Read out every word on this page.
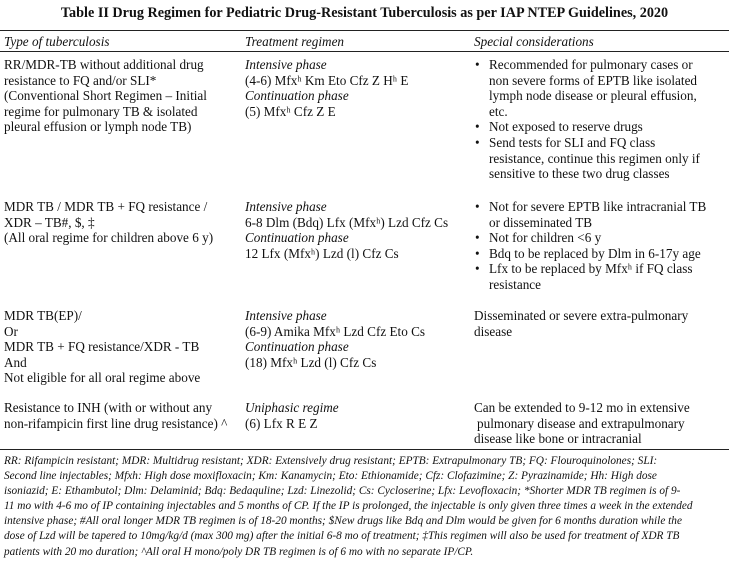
Table II Drug Regimen for Pediatric Drug-Resistant Tuberculosis as per IAP NTEP Guidelines, 2020
Type of tuberculosis	Treatment regimen	Special considerations
RR/MDR-TB without additional drug
resistance to FQ and/or SLI*
(Conventional Short Regimen – Initial
regime for pulmonary TB & isolated
pleural effusion or lymph node TB)
Intensive phase
(4-6) Mfxʰ Km Eto Cfz Z Hʰ E
Continuation phase
(5) Mfxʰ Cfz Z E
• Recommended for pulmonary cases or
non severe forms of EPTB like isolated
lymph node disease or pleural effusion,
etc.
• Not exposed to reserve drugs
• Send tests for SLI and FQ class
resistance, continue this regimen only if
sensitive to these two drug classes
MDR TB / MDR TB + FQ resistance /
XDR – TB#, $, ‡
(All oral regime for children above 6 y)
Intensive phase
6-8 Dlm (Bdq) Lfx (Mfxʰ) Lzd Cfz Cs
Continuation phase
12 Lfx (Mfxʰ) Lzd (l) Cfz Cs
• Not for severe EPTB like intracranial TB
or disseminated TB
• Not for children <6 y
• Bdq to be replaced by Dlm in 6-17y age
• Lfx to be replaced by Mfxʰ if FQ class
resistance
MDR TB(EP)/
Or
MDR TB + FQ resistance/XDR - TB
And
Not eligible for all oral regime above
Intensive phase
(6-9) Amika Mfxʰ Lzd Cfz Eto Cs
Continuation phase
(18) Mfxʰ Lzd (l) Cfz Cs
Disseminated or severe extra-pulmonary
disease
Resistance to INH (with or without any
non-rifampicin first line drug resistance) ^
Uniphasic regime
(6) Lfx R E Z
Can be extended to 9-12 mo in extensive
pulmonary disease and extrapulmonary
disease like bone or intracranial
RR: Rifampicin resistant; MDR: Multidrug resistant; XDR: Extensively drug resistant; EPTB: Extrapulmonary TB; FQ: Flouroquinolones; SLI:
Second line injectables; Mfxh: High dose moxifloxacin; Km: Kanamycin; Eto: Ethionamide; Cfz: Clofazimine; Z: Pyrazinamide; Hh: High dose
isoniazid; E: Ethambutol; Dlm: Delaminid; Bdq: Bedaquline; Lzd: Linezolid; Cs: Cycloserine; Lfx: Levofloxacin; *Shorter MDR TB regimen is of 9-
11 mo with 4-6 mo of IP containing injectables and 5 months of CP. If the IP is prolonged, the injectable is only given three times a week in the extended
intensive phase; #All oral longer MDR TB regimen is of 18-20 months; $New drugs like Bdq and Dlm would be given for 6 months duration while the
dose of Lzd will be tapered to 10mg/kg/d (max 300 mg) after the initial 6-8 mo of treatment; ‡This regimen will also be used for treatment of XDR TB
patients with 20 mo duration; ^All oral H mono/poly DR TB regimen is of 6 mo with no separate IP/CP.
